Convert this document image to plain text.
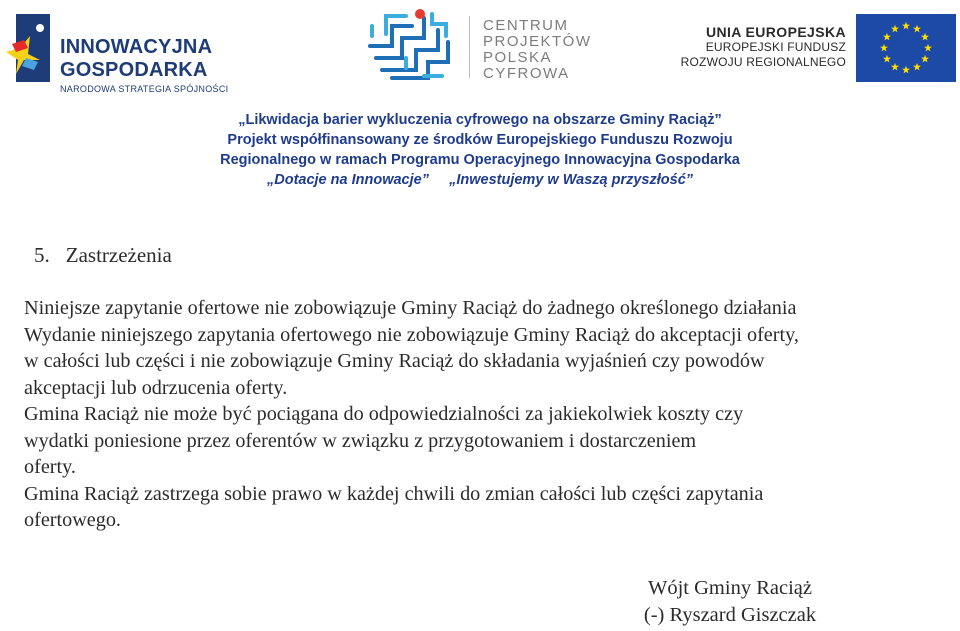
INNOWACYJNA GOSPODARKA
NARODOWA STRATEGIA SPÓJNOŚCI
CENTRUM
PROJEKTÓW
POLSKA
CYFROWA
UNIA EUROPEJSKA
EUROPEJSKI FUNDUSZ
ROZWOJU REGIONALNEGO
„Likwidacja barier wykluczenia cyfrowego na obszarze Gminy Raciąż”
Projekt współfinansowany ze środków Europejskiego Funduszu Rozwoju
Regionalnego w ramach Programu Operacyjnego Innowacyjna Gospodarka
„Dotacje na Innowacje” „Inwestujemy w Waszą przyszłość”
5. Zastrzeżenia
Niniejsze zapytanie ofertowe nie zobowiązuje Gminy Raciąż do żadnego określonego działania
Wydanie niniejszego zapytania ofertowego nie zobowiązuje Gminy Raciąż do akceptacji oferty,
w całości lub części i nie zobowiązuje Gminy Raciąż do składania wyjaśnień czy powodów
akceptacji lub odrzucenia oferty.
Gmina Raciąż nie może być pociągana do odpowiedzialności za jakiekolwiek koszty czy
wydatki poniesione przez oferentów w związku z przygotowaniem i dostarczeniem
oferty.
Gmina Raciąż zastrzega sobie prawo w każdej chwili do zmian całości lub części zapytania
ofertowego.
Wójt Gminy Raciąż
(-) Ryszard Giszczak
